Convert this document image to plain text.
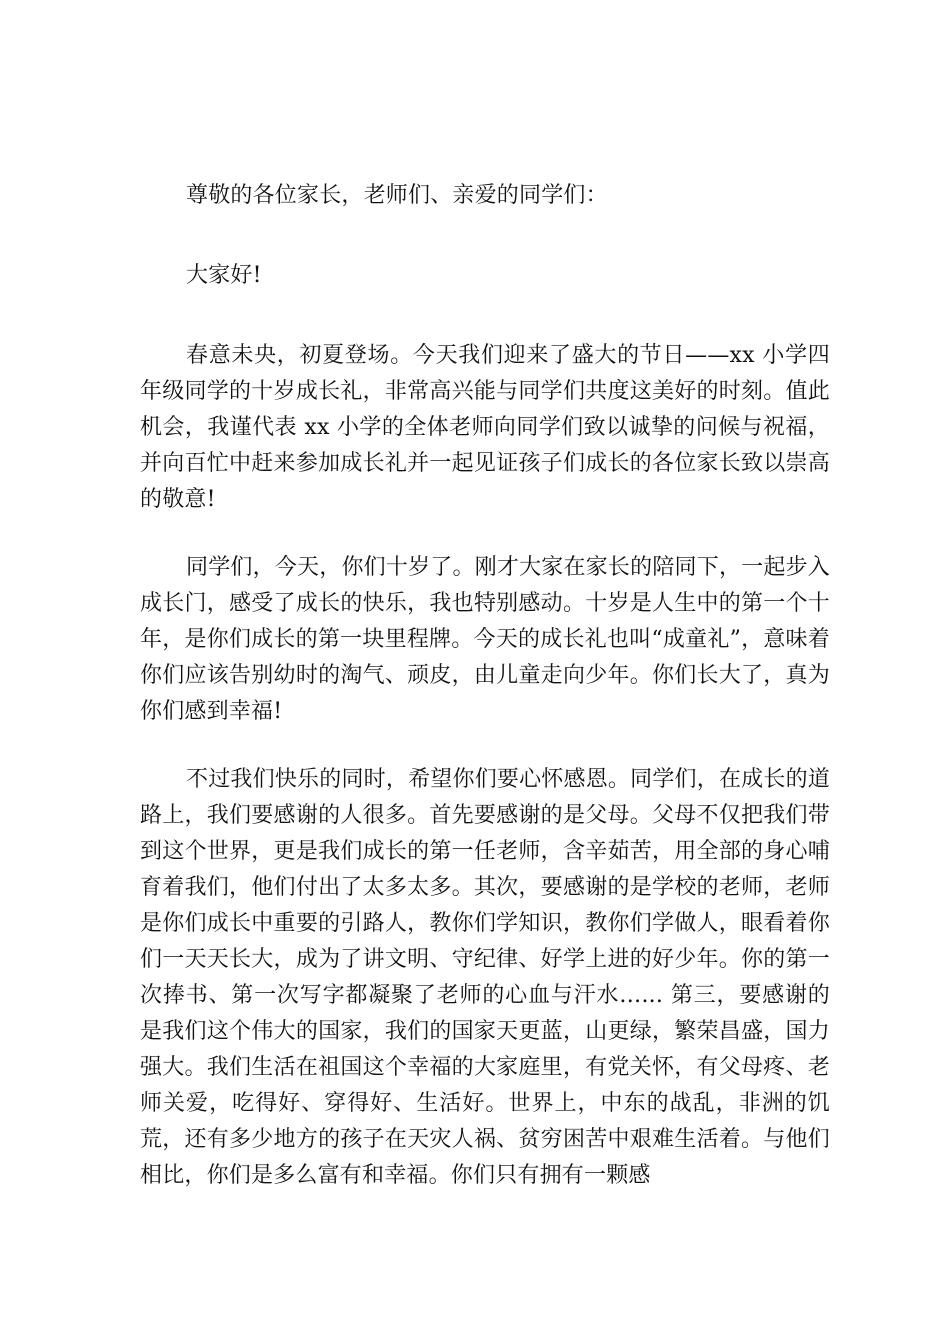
尊敬的各位家长，老师们、亲爱的同学们：

大家好!

春意未央，初夏登场。今天我们迎来了盛大的节日——xx 小学四年级同学的十岁成长礼，非常高兴能与同学们共度这美好的时刻。值此机会，我谨代表 xx 小学的全体老师向同学们致以诚挚的问候与祝福，并向百忙中赶来参加成长礼并一起见证孩子们成长的各位家长致以崇高的敬意!

同学们，今天，你们十岁了。刚才大家在家长的陪同下，一起步入成长门，感受了成长的快乐，我也特别感动。十岁是人生中的第一个十年，是你们成长的第一块里程牌。今天的成长礼也叫“成童礼”，意味着你们应该告别幼时的淘气、顽皮，由儿童走向少年。你们长大了，真为你们感到幸福!

不过我们快乐的同时，希望你们要心怀感恩。同学们，在成长的道路上，我们要感谢的人很多。首先要感谢的是父母。父母不仅把我们带到这个世界，更是我们成长的第一任老师，含辛茹苦，用全部的身心哺育着我们，他们付出了太多太多。其次，要感谢的是学校的老师，老师是你们成长中重要的引路人，教你们学知识，教你们学做人，眼看着你们一天天长大，成为了讲文明、守纪律、好学上进的好少年。你的第一次捧书、第一次写字都凝聚了老师的心血与汗水…... 第三，要感谢的是我们这个伟大的国家，我们的国家天更蓝，山更绿，繁荣昌盛，国力强大。我们生活在祖国这个幸福的大家庭里，有党关怀，有父母疼、老师关爱，吃得好、穿得好、生活好。世界上，中东的战乱，非洲的饥荒，还有多少地方的孩子在天灾人祸、贫穷困苦中艰难生活着。与他们相比，你们是多么富有和幸福。你们只有拥有一颗感
